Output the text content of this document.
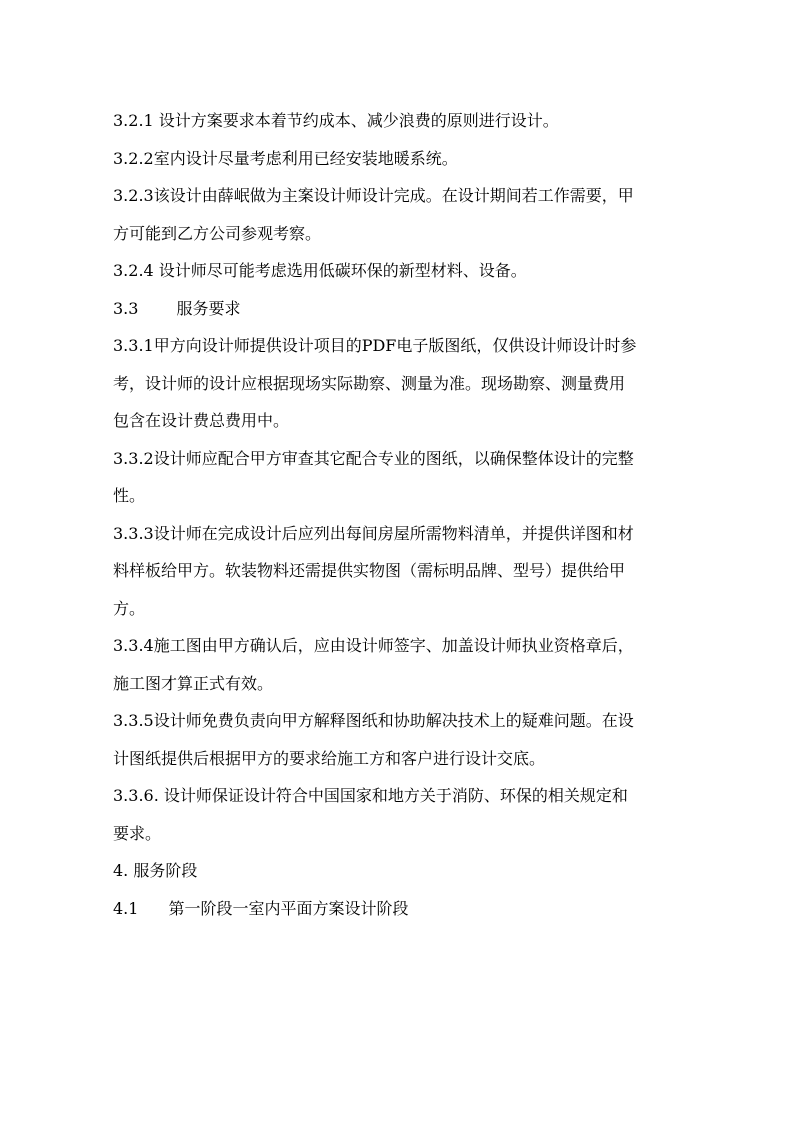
3.2.1 设计方案要求本着节约成本、减少浪费的原则进行设计。
3.2.2室内设计尽量考虑利用已经安装地暖系统。
3.2.3该设计由薛岷做为主案设计师设计完成。在设计期间若工作需要，甲
方可能到乙方公司参观考察。
3.2.4 设计师尽可能考虑选用低碳环保的新型材料、设备。
3.3 服务要求
3.3.1甲方向设计师提供设计项目的PDF电子版图纸，仅供设计师设计时参
考，设计师的设计应根据现场实际勘察、测量为准。现场勘察、测量费用
包含在设计费总费用中。
3.3.2设计师应配合甲方审查其它配合专业的图纸，以确保整体设计的完整
性。
3.3.3设计师在完成设计后应列出每间房屋所需物料清单，并提供详图和材
料样板给甲方。软装物料还需提供实物图（需标明品牌、型号）提供给甲
方。
3.3.4施工图由甲方确认后，应由设计师签字、加盖设计师执业资格章后，
施工图才算正式有效。
3.3.5设计师免费负责向甲方解释图纸和协助解决技术上的疑难问题。在设
计图纸提供后根据甲方的要求给施工方和客户进行设计交底。
3.3.6. 设计师保证设计符合中国国家和地方关于消防、环保的相关规定和
要求。
4. 服务阶段
4.1 第一阶段一室内平面方案设计阶段
